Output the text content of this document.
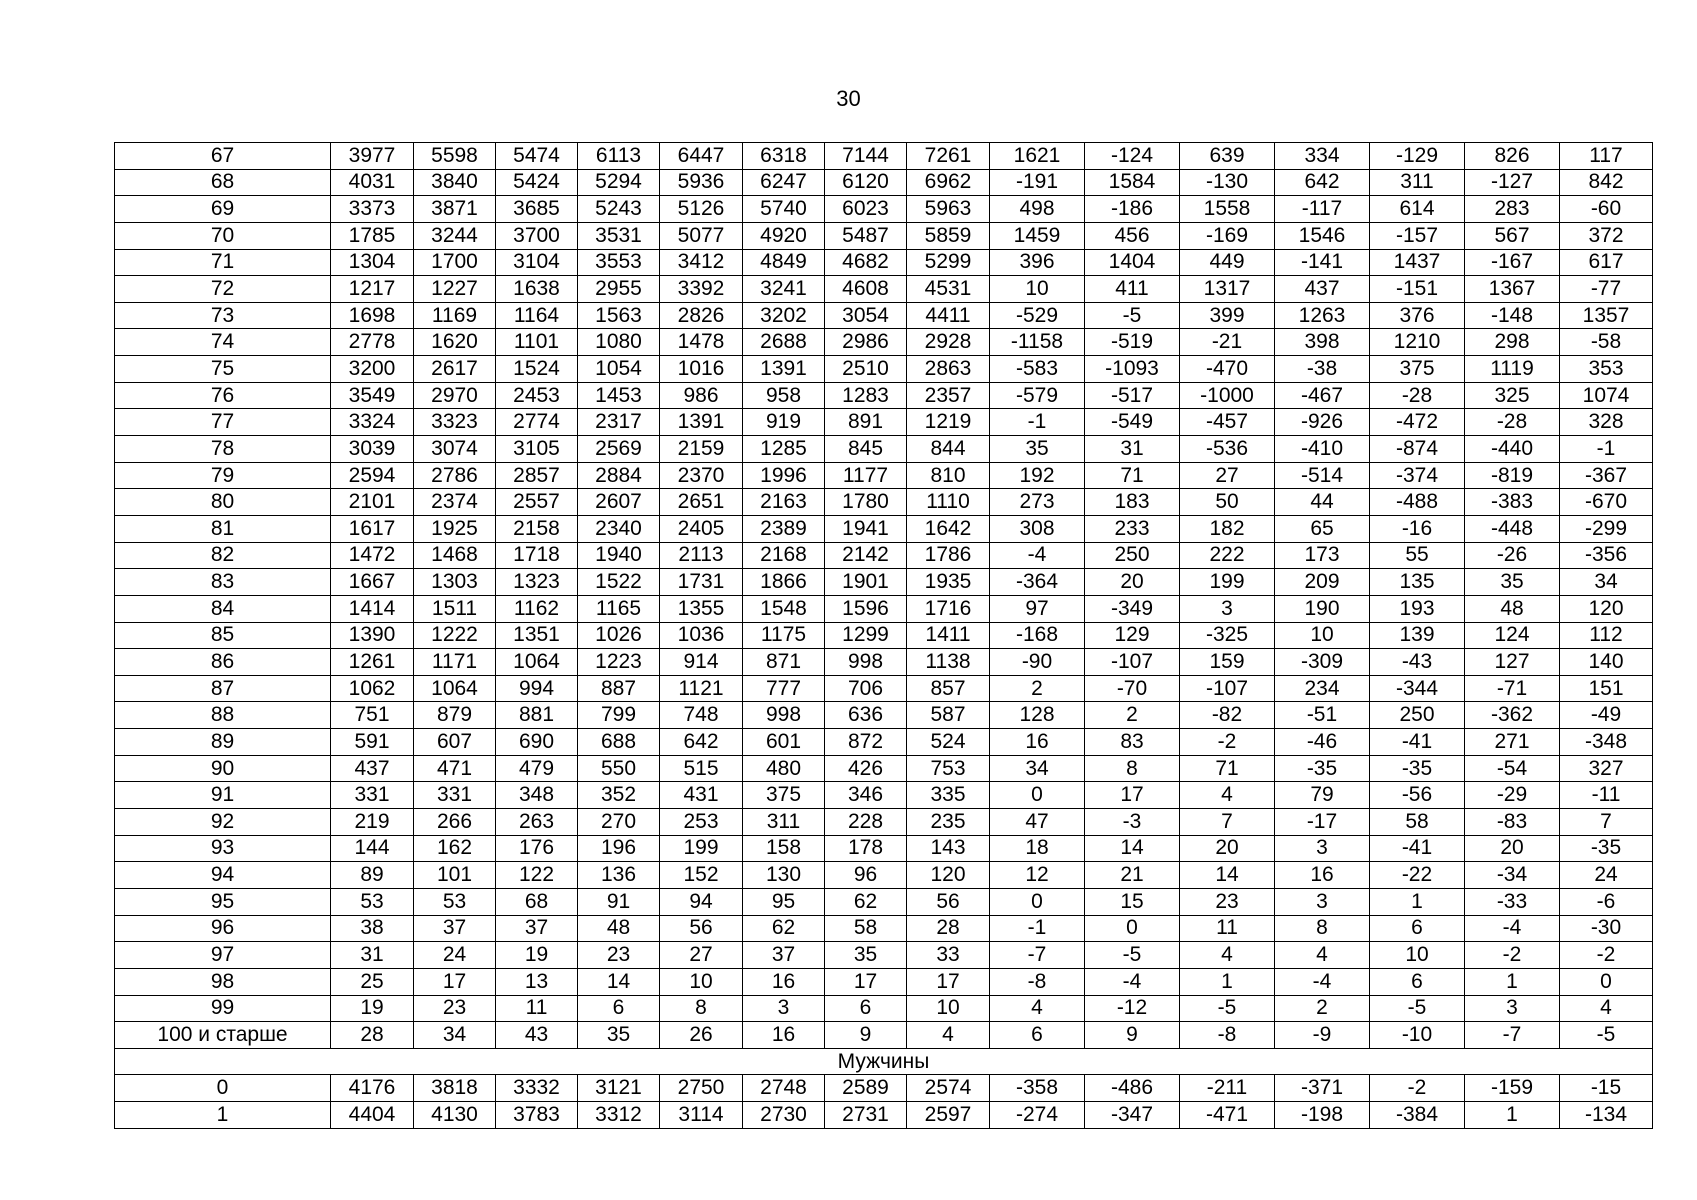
30
67	3977	5598	5474	6113	6447	6318	7144	7261	1621	-124	639	334	-129	826	117
68	4031	3840	5424	5294	5936	6247	6120	6962	-191	1584	-130	642	311	-127	842
69	3373	3871	3685	5243	5126	5740	6023	5963	498	-186	1558	-117	614	283	-60
70	1785	3244	3700	3531	5077	4920	5487	5859	1459	456	-169	1546	-157	567	372
71	1304	1700	3104	3553	3412	4849	4682	5299	396	1404	449	-141	1437	-167	617
72	1217	1227	1638	2955	3392	3241	4608	4531	10	411	1317	437	-151	1367	-77
73	1698	1169	1164	1563	2826	3202	3054	4411	-529	-5	399	1263	376	-148	1357
74	2778	1620	1101	1080	1478	2688	2986	2928	-1158	-519	-21	398	1210	298	-58
75	3200	2617	1524	1054	1016	1391	2510	2863	-583	-1093	-470	-38	375	1119	353
76	3549	2970	2453	1453	986	958	1283	2357	-579	-517	-1000	-467	-28	325	1074
77	3324	3323	2774	2317	1391	919	891	1219	-1	-549	-457	-926	-472	-28	328
78	3039	3074	3105	2569	2159	1285	845	844	35	31	-536	-410	-874	-440	-1
79	2594	2786	2857	2884	2370	1996	1177	810	192	71	27	-514	-374	-819	-367
80	2101	2374	2557	2607	2651	2163	1780	1110	273	183	50	44	-488	-383	-670
81	1617	1925	2158	2340	2405	2389	1941	1642	308	233	182	65	-16	-448	-299
82	1472	1468	1718	1940	2113	2168	2142	1786	-4	250	222	173	55	-26	-356
83	1667	1303	1323	1522	1731	1866	1901	1935	-364	20	199	209	135	35	34
84	1414	1511	1162	1165	1355	1548	1596	1716	97	-349	3	190	193	48	120
85	1390	1222	1351	1026	1036	1175	1299	1411	-168	129	-325	10	139	124	112
86	1261	1171	1064	1223	914	871	998	1138	-90	-107	159	-309	-43	127	140
87	1062	1064	994	887	1121	777	706	857	2	-70	-107	234	-344	-71	151
88	751	879	881	799	748	998	636	587	128	2	-82	-51	250	-362	-49
89	591	607	690	688	642	601	872	524	16	83	-2	-46	-41	271	-348
90	437	471	479	550	515	480	426	753	34	8	71	-35	-35	-54	327
91	331	331	348	352	431	375	346	335	0	17	4	79	-56	-29	-11
92	219	266	263	270	253	311	228	235	47	-3	7	-17	58	-83	7
93	144	162	176	196	199	158	178	143	18	14	20	3	-41	20	-35
94	89	101	122	136	152	130	96	120	12	21	14	16	-22	-34	24
95	53	53	68	91	94	95	62	56	0	15	23	3	1	-33	-6
96	38	37	37	48	56	62	58	28	-1	0	11	8	6	-4	-30
97	31	24	19	23	27	37	35	33	-7	-5	4	4	10	-2	-2
98	25	17	13	14	10	16	17	17	-8	-4	1	-4	6	1	0
99	19	23	11	6	8	3	6	10	4	-12	-5	2	-5	3	4
100 и старше	28	34	43	35	26	16	9	4	6	9	-8	-9	-10	-7	-5
Мужчины															
0	4176	3818	3332	3121	2750	2748	2589	2574	-358	-486	-211	-371	-2	-159	-15
1	4404	4130	3783	3312	3114	2730	2731	2597	-274	-347	-471	-198	-384	1	-134
